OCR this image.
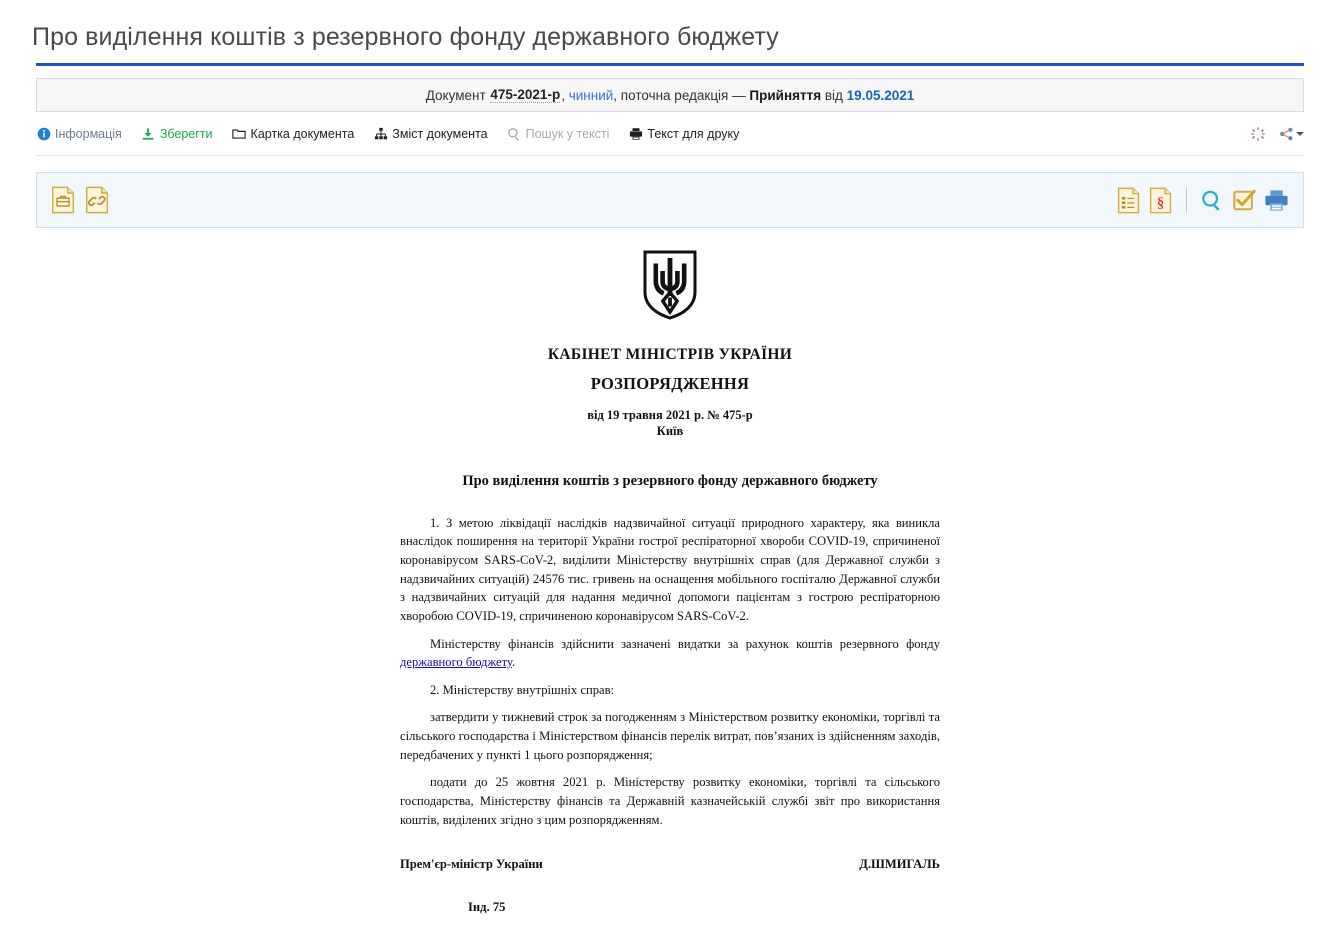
Про виділення коштів з резервного фонду державного бюджету
Документ
475-2021-р ,
чинний , поточна редакція —
Прийняття
від
19.05.2021
Інформація	Зберегти	Картка документа	Зміст документа	Пошук у тексті	Текст для друку
§
КАБІНЕТ МІНІСТРІВ УКРАЇНИ
РОЗПОРЯДЖЕННЯ
від 19 травня 2021 р. № 475-р
Київ
Про виділення коштів з резервного фонду державного бюджету

1. З метою ліквідації наслідків надзвичайної ситуації природного характеру, яка виникла внаслідок поширення на території України гострої респіраторної хвороби COVID-19, спричиненої коронавірусом SARS-CoV-2, виділити Міністерству внутрішніх справ (для Державної служби з надзвичайних ситуацій) 24576 тис. гривень на оснащення мобільного госпіталю Державної служби з надзвичайних ситуацій для надання медичної допомоги пацієнтам з гострою респіраторною хворобою COVID-19, спричиненою коронавірусом SARS-CoV-2.

Міністерству фінансів здійснити зазначені видатки за рахунок коштів резервного фонду державного бюджету.

2. Міністерству внутрішніх справ:

затвердити у тижневий строк за погодженням з Міністерством розвитку економіки, торгівлі та сільського господарства і Міністерством фінансів перелік витрат, пов’язаних із здійсненням заходів, передбачених у пункті 1 цього розпорядження;

подати до 25 жовтня 2021 р. Міністерству розвитку економіки, торгівлі та сільського господарства, Міністерству фінансів та Державній казначейській службі звіт про використання коштів, виділених згідно з цим розпорядженням.

Прем'єр-міністр України	Д.ШМИГАЛЬ
Інд. 75
